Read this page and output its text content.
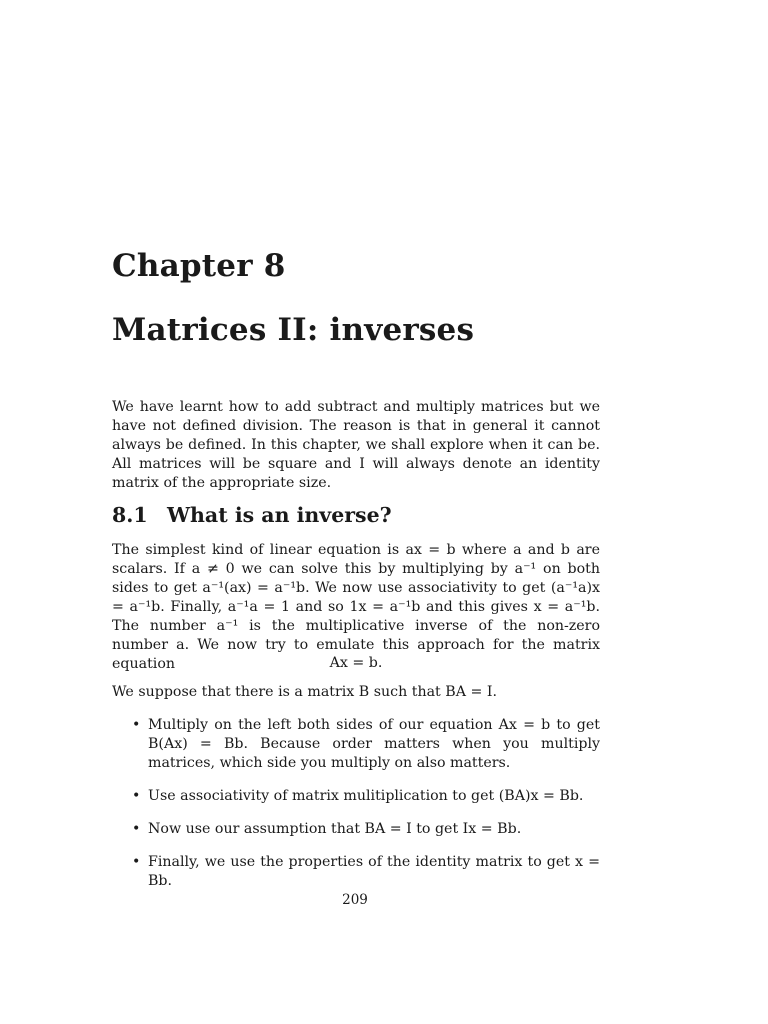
Chapter 8
Matrices II: inverses

We have learnt how to add subtract and multiply matrices but we have not defined division. The reason is that in general it cannot always be defined. In this chapter, we shall explore when it can be. All matrices will be square and I will always denote an identity matrix of the appropriate size.

8.1 What is an inverse?

The simplest kind of linear equation is ax = b where a and b are scalars. If a ≠ 0 we can solve this by multiplying by a⁻¹ on both sides to get a⁻¹(ax) = a⁻¹b. We now use associativity to get (a⁻¹a)x = a⁻¹b. Finally, a⁻¹a = 1 and so 1x = a⁻¹b and this gives x = a⁻¹b. The number a⁻¹ is the multiplicative inverse of the non-zero number a. We now try to emulate this approach for the matrix equation	Ax = b.

We suppose that there is a matrix B such that BA = I.

• Multiply on the left both sides of our equation Ax = b to get B(Ax) = Bb. Because order matters when you multiply matrices, which side you multiply on also matters.
• Use associativity of matrix mulitiplication to get (BA)x = Bb.
• Now use our assumption that BA = I to get Ix = Bb.
• Finally, we use the properties of the identity matrix to get x = Bb.
209
